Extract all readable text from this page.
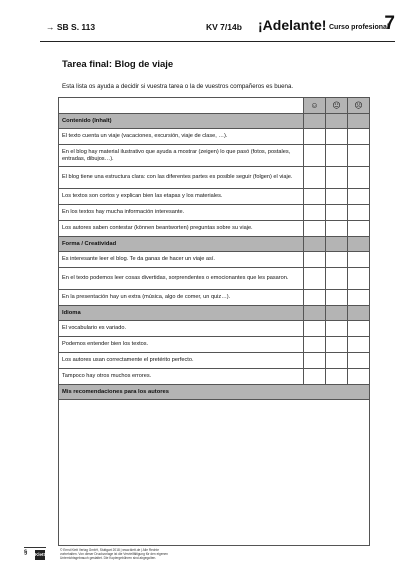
→ SB S. 113	KV 7/14b ¡Adelante! Curso profesional
7
Tarea final: Blog de viaje
Esta lista os ayuda a decidir si vuestra tarea o la de vuestros compañeros es buena.
	☺	😐	☹
Contenido (Inhalt)			
El texto cuenta un viaje (vacaciones, excursión, viaje de clase, …).			
En el blog hay material ilustrativo que ayuda a mostrar (zeigen) lo que pasó (fotos, postales, entradas, dibujos…).			
El blog tiene una estructura clara: con las diferentes partes es posible seguir (folgen) el viaje.			
Los textos son cortos y explican bien las etapas y los materiales.			
En los textos hay mucha información interesante.			
Los autores saben contestar (können beantworten) preguntas sobre su viaje.			
Forma / Creatividad			
Es interesante leer el blog. Te da ganas de hacer un viaje así.			
En el texto podemos leer cosas divertidas, sorprendentes o emocionantes que les pasaron.			
En la presentación hay un extra (música, algo de comer, un quiz…).			
Idioma			
El vocabulario es variado.			
Podemos entender bien los textos.			
Los autores usan correctamente el pretérito perfecto.			
Tampoco hay otros muchos errores.			
Mis recomendaciones para los autores			

§ Klett
© Ernst Klett Verlag GmbH, Stuttgart 2018 | www.klett.de | Alle Rechte
vorbehalten. Von dieser Druckvorlage ist die Vervielfältigung für den eigenen
Unterrichtsgebrauch gestattet. Die Kopiergebühren sind abgegolten.
